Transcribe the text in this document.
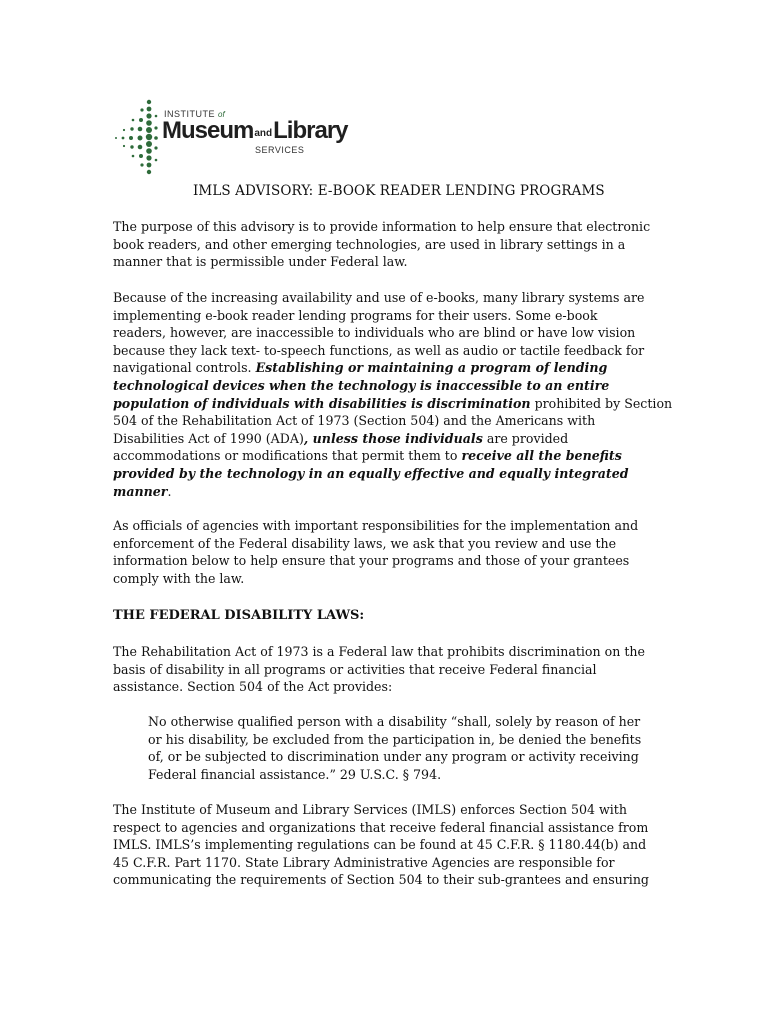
INSTITUTE of
MuseumandLibrary
SERVICES
IMLS ADVISORY: E-BOOK READER LENDING PROGRAMS

The purpose of this advisory is to provide information to help ensure that electronic
book readers, and other emerging technologies, are used in library settings in a
manner that is permissible under Federal law.

Because of the increasing availability and use of e-books, many library systems are
implementing e-book reader lending programs for their users. Some e-book
readers, however, are inaccessible to individuals who are blind or have low vision
because they lack text- to-speech functions, as well as audio or tactile feedback for
navigational controls. Establishing or maintaining a program of lending
technological devices when the technology is inaccessible to an entire
population of individuals with disabilities is discrimination prohibited by Section
504 of the Rehabilitation Act of 1973 (Section 504) and the Americans with
Disabilities Act of 1990 (ADA), unless those individuals are provided
accommodations or modifications that permit them to receive all the benefits
provided by the technology in an equally effective and equally integrated
manner.

As officials of agencies with important responsibilities for the implementation and
enforcement of the Federal disability laws, we ask that you review and use the
information below to help ensure that your programs and those of your grantees
comply with the law.

THE FEDERAL DISABILITY LAWS:

The Rehabilitation Act of 1973 is a Federal law that prohibits discrimination on the
basis of disability in all programs or activities that receive Federal financial
assistance. Section 504 of the Act provides:

No otherwise qualified person with a disability “shall, solely by reason of her
or his disability, be excluded from the participation in, be denied the benefits
of, or be subjected to discrimination under any program or activity receiving
Federal financial assistance.” 29 U.S.C. § 794.

The Institute of Museum and Library Services (IMLS) enforces Section 504 with
respect to agencies and organizations that receive federal financial assistance from
IMLS. IMLS’s implementing regulations can be found at 45 C.F.R. § 1180.44(b) and
45 C.F.R. Part 1170. State Library Administrative Agencies are responsible for
communicating the requirements of Section 504 to their sub-grantees and ensuring
